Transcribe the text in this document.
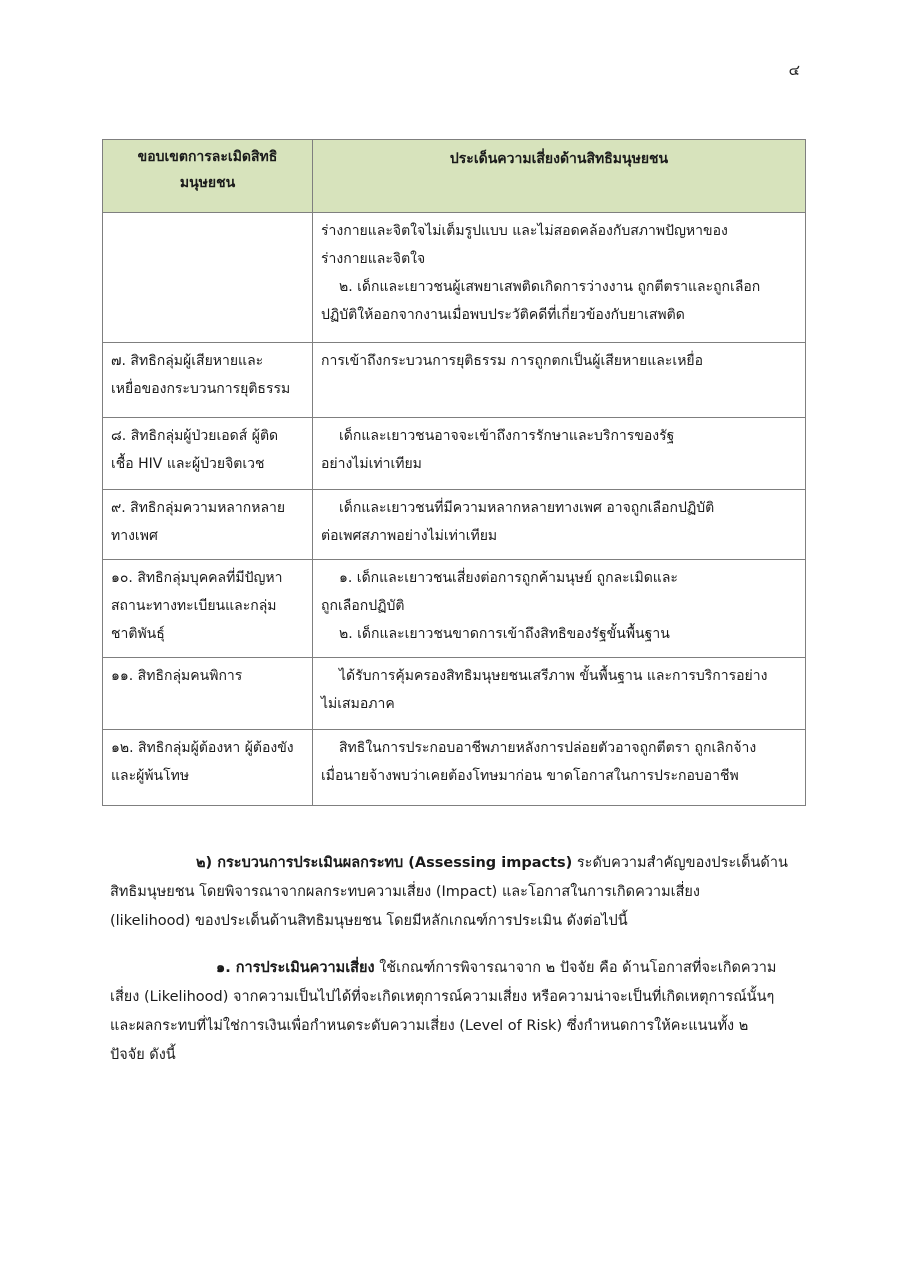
๔
ขอบเขตการละเมิดสิทธิ
มนุษยชน	ประเด็นความเสี่ยงด้านสิทธิมนุษยชน

	ร่างกายและจิตใจไม่เต็มรูปแบบ และไม่สอดคล้องกับสภาพปัญหาของ
ร่างกายและจิตใจ
๒. เด็กและเยาวชนผู้เสพยาเสพติดเกิดการว่างงาน ถูกตีตราและถูกเลือก
ปฏิบัติให้ออกจากงานเมื่อพบประวัติคดีที่เกี่ยวข้องกับยาเสพติด

๗. สิทธิกลุ่มผู้เสียหายและ
เหยื่อของกระบวนการยุติธรรม	การเข้าถึงกระบวนการยุติธรรม การถูกตกเป็นผู้เสียหายและเหยื่อ

๘. สิทธิกลุ่มผู้ป่วยเอดส์ ผู้ติด
เชื้อ HIV และผู้ป่วยจิตเวช	เด็กและเยาวชนอาจจะเข้าถึงการรักษาและบริการของรัฐ
อย่างไม่เท่าเทียม

๙. สิทธิกลุ่มความหลากหลาย
ทางเพศ	เด็กและเยาวชนที่มีความหลากหลายทางเพศ อาจถูกเลือกปฏิบัติ
ต่อเพศสภาพอย่างไม่เท่าเทียม

๑๐. สิทธิกลุ่มบุคคลที่มีปัญหา
สถานะทางทะเบียนและกลุ่ม
ชาติพันธุ์	๑. เด็กและเยาวชนเสี่ยงต่อการถูกค้ามนุษย์ ถูกละเมิดและ
ถูกเลือกปฏิบัติ
๒. เด็กและเยาวชนขาดการเข้าถึงสิทธิของรัฐขั้นพื้นฐาน

๑๑. สิทธิกลุ่มคนพิการ	ได้รับการคุ้มครองสิทธิมนุษยชนเสรีภาพ ขั้นพื้นฐาน และการบริการอย่าง
ไม่เสมอภาค

๑๒. สิทธิกลุ่มผู้ต้องหา ผู้ต้องขัง
และผู้พ้นโทษ	สิทธิในการประกอบอาชีพภายหลังการปล่อยตัวอาจถูกตีตรา ถูกเลิกจ้าง
เมื่อนายจ้างพบว่าเคยต้องโทษมาก่อน ขาดโอกาสในการประกอบอาชีพ
๒) กระบวนการประเมินผลกระทบ (Assessing impacts) ระดับความสำคัญของประเด็นด้าน
สิทธิมนุษยชน โดยพิจารณาจากผลกระทบความเสี่ยง (Impact) และโอกาสในการเกิดความเสี่ยง
(likelihood) ของประเด็นด้านสิทธิมนุษยชน โดยมีหลักเกณฑ์การประเมิน ดังต่อไปนี้
๑. การประเมินความเสี่ยง ใช้เกณฑ์การพิจารณาจาก ๒ ปัจจัย คือ ด้านโอกาสที่จะเกิดความ
เสี่ยง (Likelihood) จากความเป็นไปได้ที่จะเกิดเหตุการณ์ความเสี่ยง หรือความน่าจะเป็นที่เกิดเหตุการณ์นั้นๆ
และผลกระทบที่ไม่ใช่การเงินเพื่อกำหนดระดับความเสี่ยง (Level of Risk) ซึ่งกำหนดการให้คะแนนทั้ง ๒
ปัจจัย ดังนี้
